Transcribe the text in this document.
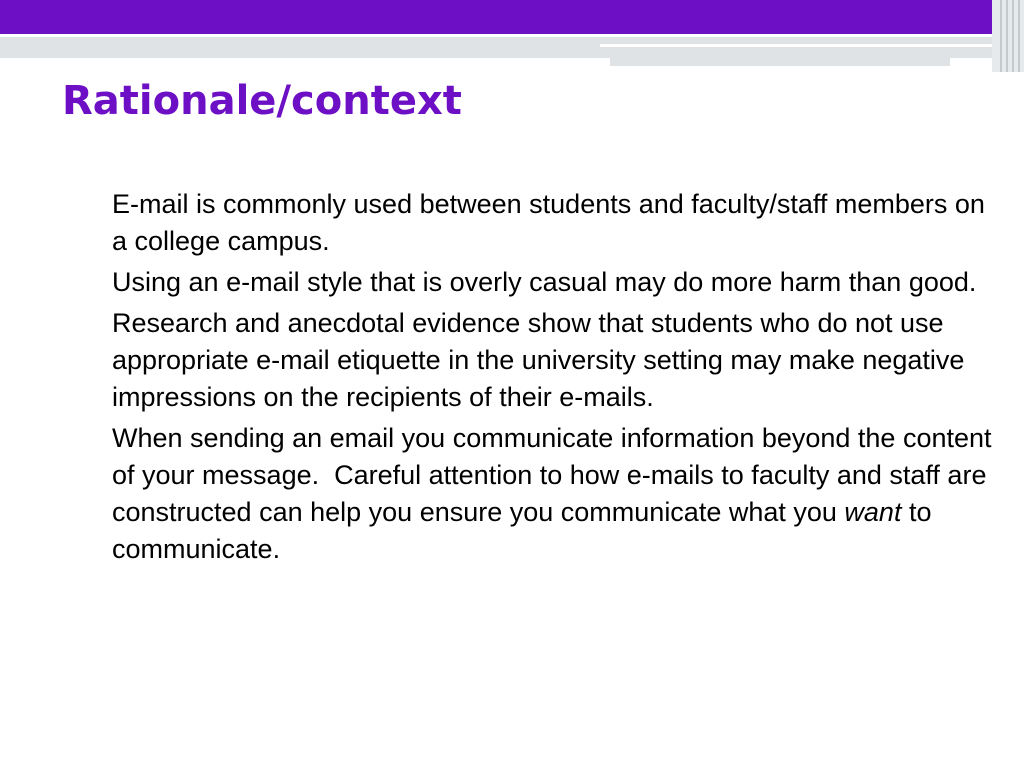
Rationale/context

E-mail is commonly used between students and faculty/staff members on a college campus.

Using an e-mail style that is overly casual may do more harm than good.

Research and anecdotal evidence show that students who do not use appropriate e-mail etiquette in the university setting may make negative impressions on the recipients of their e-mails.

When sending an email you communicate information beyond the content of your message.  Careful attention to how e-mails to faculty and staff are constructed can help you ensure you communicate what you want to communicate.
